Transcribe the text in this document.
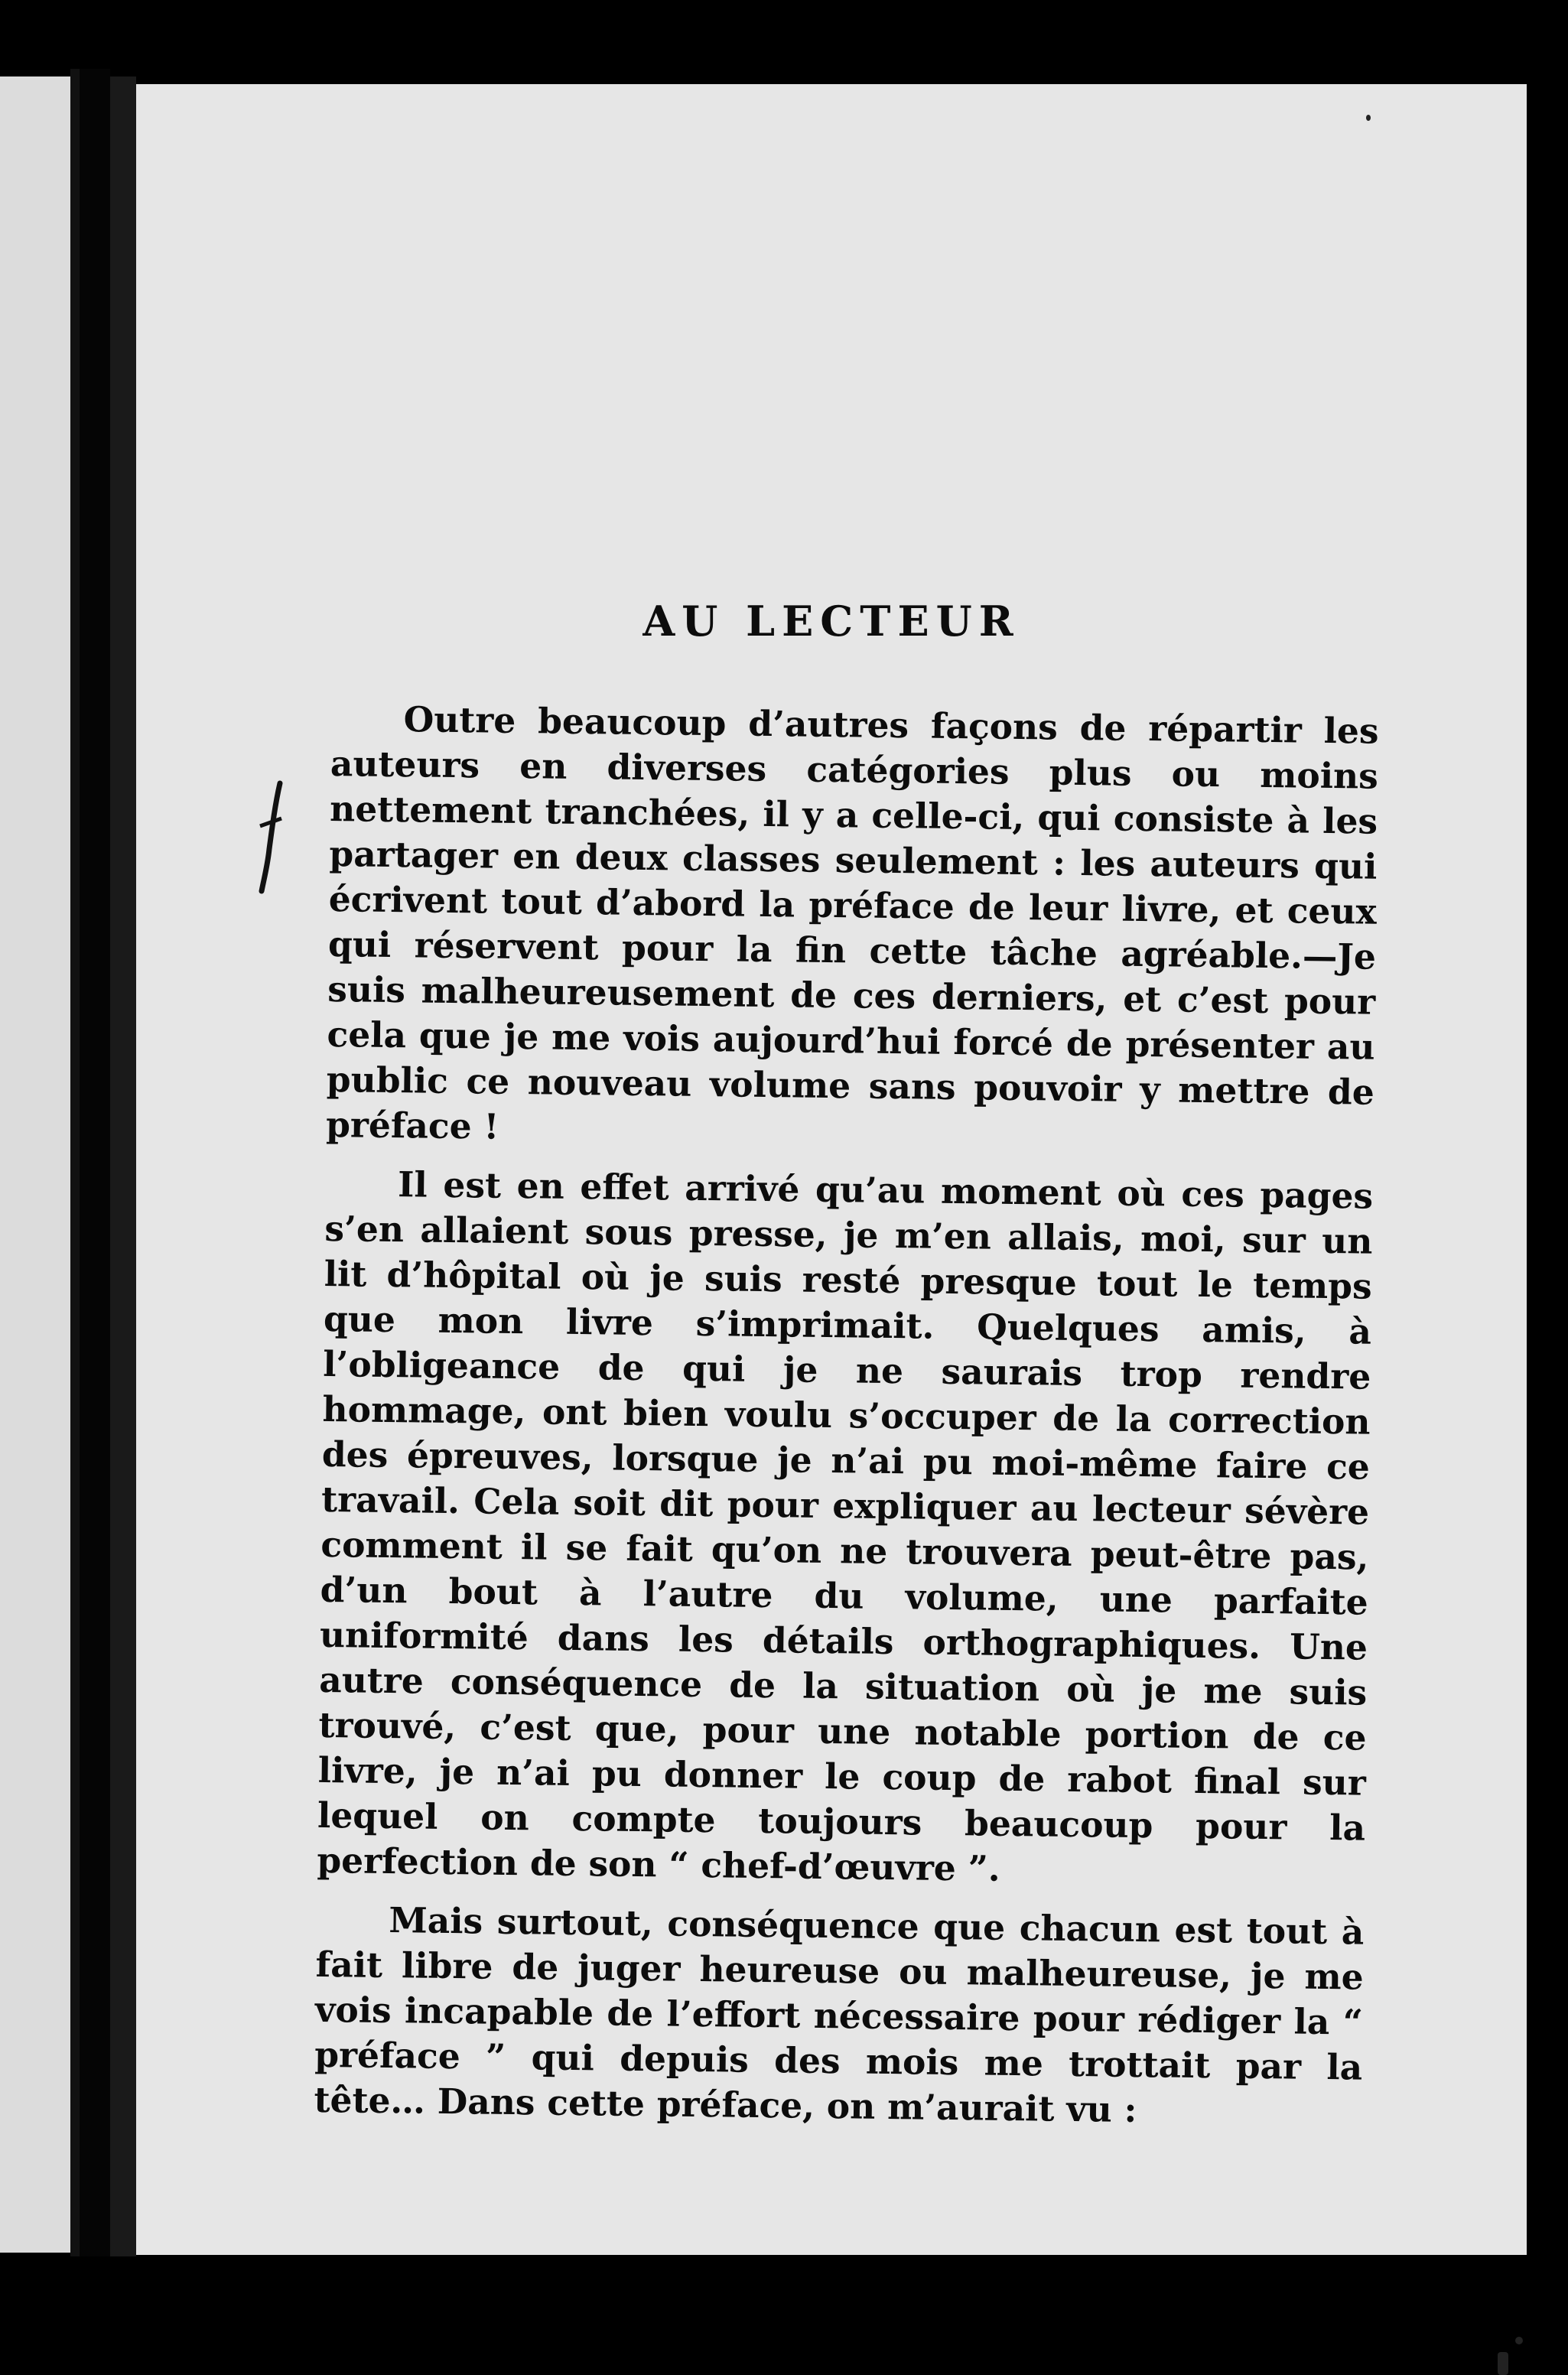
AU LECTEUR

Outre beaucoup d’autres façons de répartir les auteurs en diverses catégories plus ou moins nettement tranchées, il y a celle-ci, qui consiste à les partager en deux classes seulement : les auteurs qui écrivent tout d’abord la préface de leur livre, et ceux qui réservent pour la fin cette tâche agréable.—Je suis malheureusement de ces derniers, et c’est pour cela que je me vois aujourd’hui forcé de présenter au public ce nouveau volume sans pouvoir y mettre de préface !

Il est en effet arrivé qu’au moment où ces pages s’en allaient sous presse, je m’en allais, moi, sur un lit d’hôpital où je suis resté presque tout le temps que mon livre s’imprimait. Quelques amis, à l’obligeance de qui je ne saurais trop rendre hommage, ont bien voulu s’occuper de la correction des épreuves, lorsque je n’ai pu moi-même faire ce travail. Cela soit dit pour expliquer au lecteur sévère comment il se fait qu’on ne trouvera peut-être pas, d’un bout à l’autre du volume, une parfaite uniformité dans les détails orthographiques. Une autre conséquence de la situation où je me suis trouvé, c’est que, pour une notable portion de ce livre, je n’ai pu donner le coup de rabot final sur lequel on compte toujours beaucoup pour la perfection de son “ chef-d’œuvre ”.

Mais surtout, conséquence que chacun est tout à fait libre de juger heureuse ou malheureuse, je me vois incapable de l’effort nécessaire pour rédiger la “ préface ” qui depuis des mois me trottait par la tête… Dans cette préface, on m’aurait vu :
